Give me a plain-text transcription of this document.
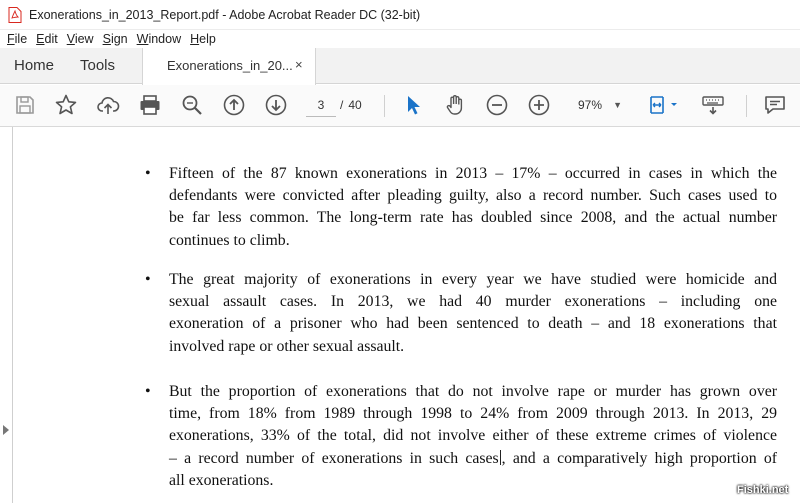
Exonerations_in_2013_Report.pdf - Adobe Acrobat Reader DC (32-bit)
File Edit View Sign Window Help
Home Tools	Exonerations_in_20... ×
3	/ 40	97% ▼
• Fifteen of the 87 known exonerations in 2013 – 17% – occurred in cases in which the
defendants were convicted after pleading guilty, also a record number. Such cases used to
be far less common. The long-term rate has doubled since 2008, and the actual number
continues to climb.
• The great majority of exonerations in every year we have studied were homicide and
sexual assault cases. In 2013, we had 40 murder exonerations – including one
exoneration of a prisoner who had been sentenced to death – and 18 exonerations that
involved rape or other sexual assault.
• But the proportion of exonerations that do not involve rape or murder has grown over
time, from 18% from 1989 through 1998 to 24% from 2009 through 2013. In 2013, 29
exonerations, 33% of the total, did not involve either of these extreme crimes of violence
– a record number of exonerations in such cases , and a comparatively high proportion of
all exonerations.
Fishki.net
